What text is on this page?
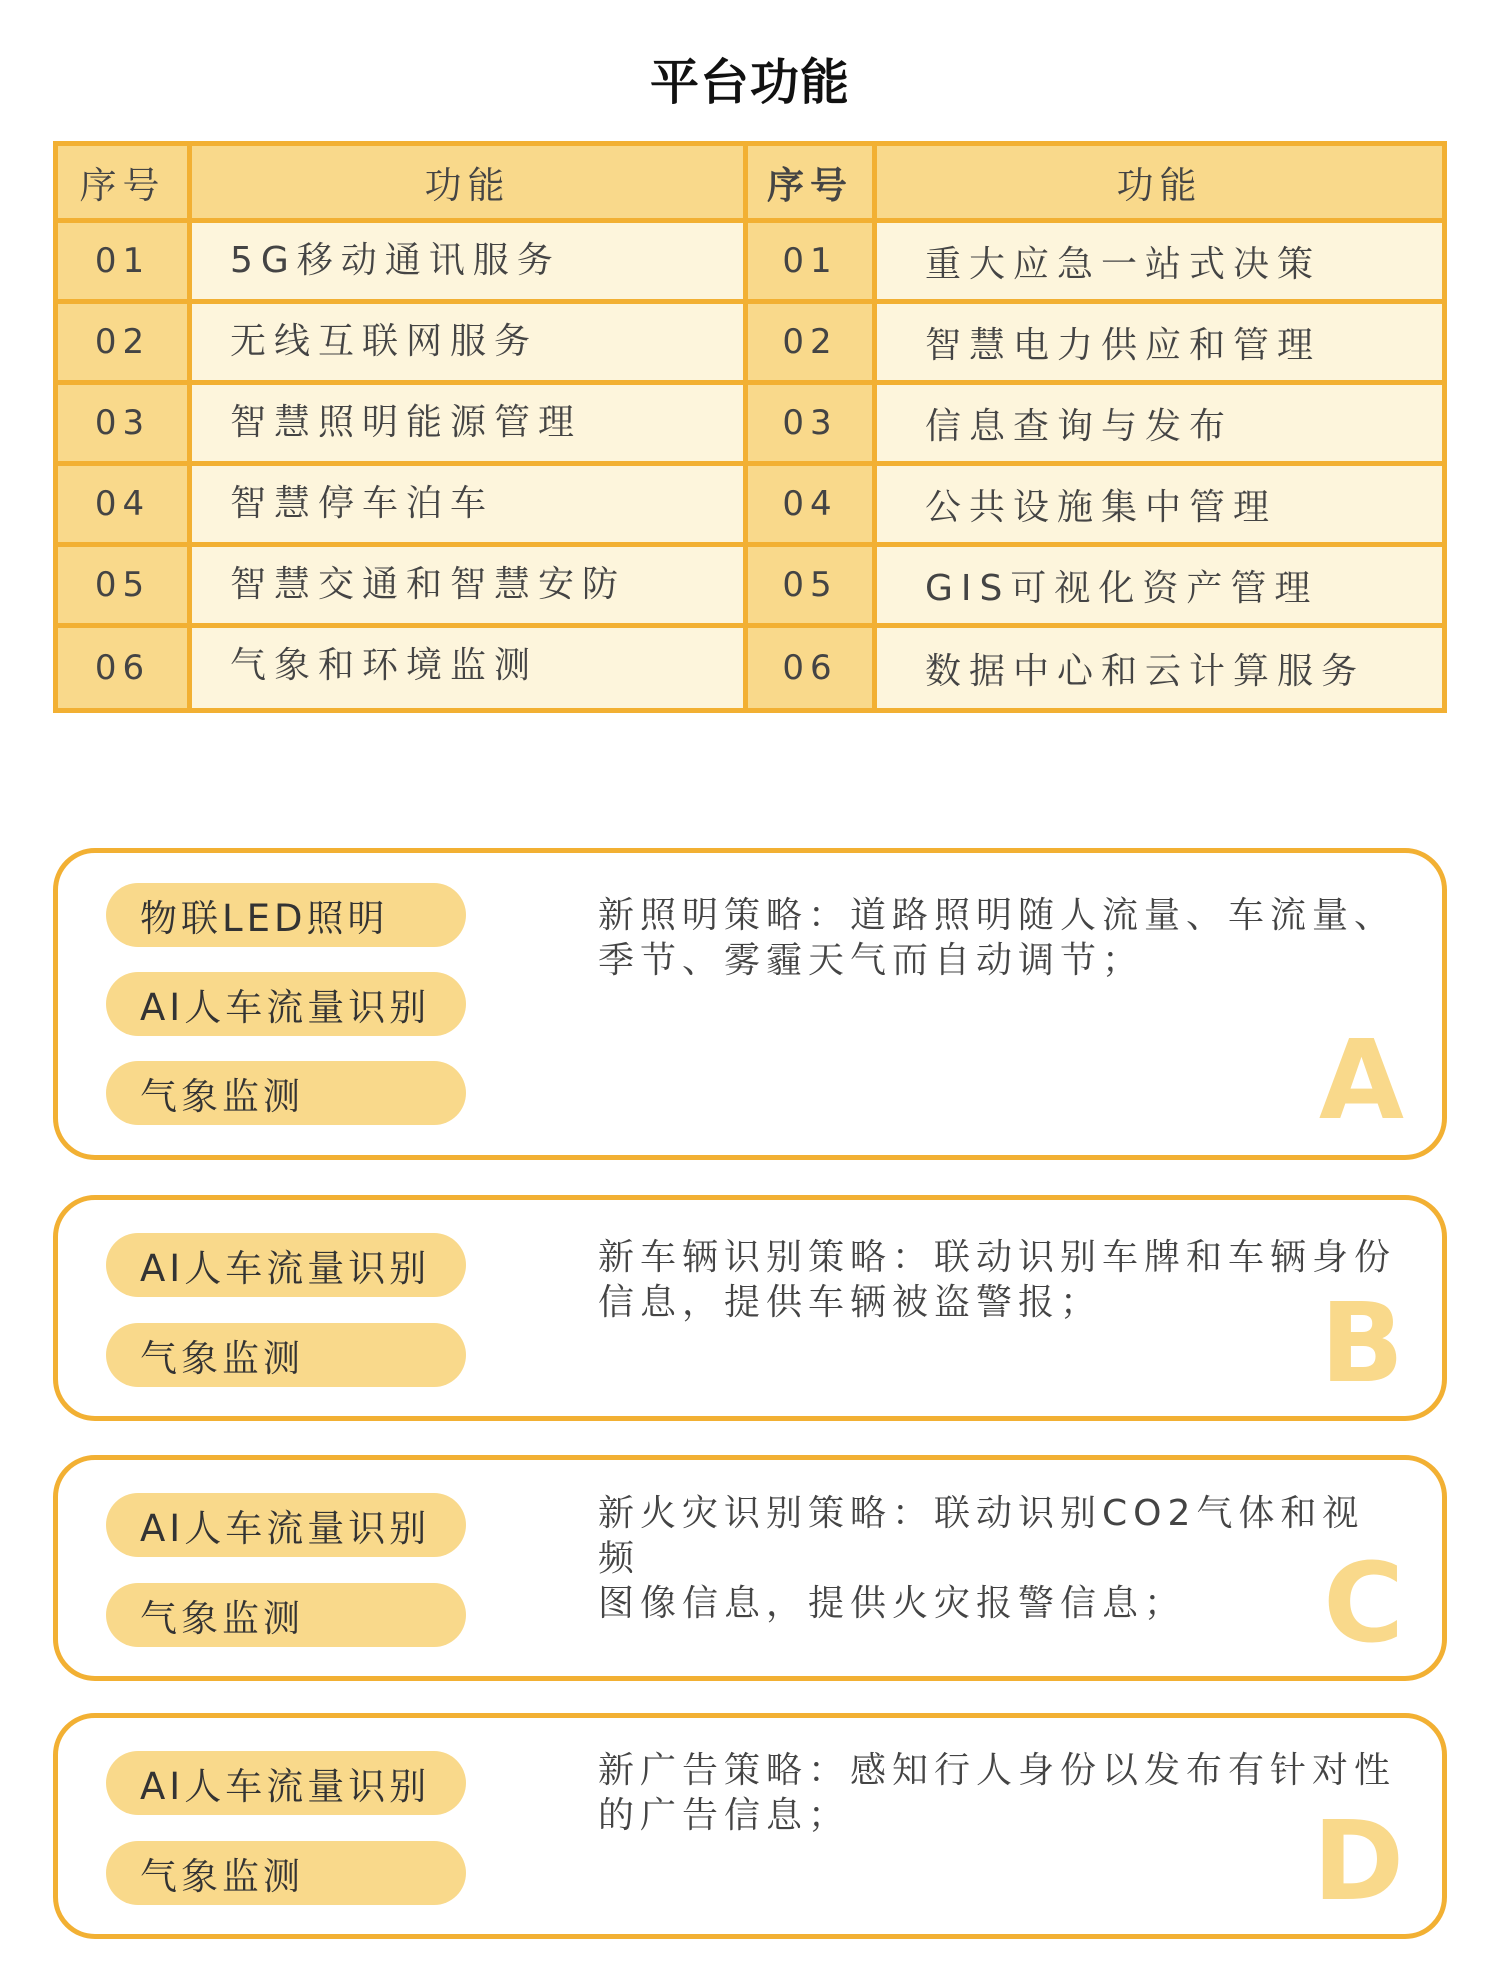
平台功能
序号	功能	序号	功能
01	5G移动通讯服务	01	重大应急一站式决策
02	无线互联网服务	02	智慧电力供应和管理
03	智慧照明能源管理	03	信息查询与发布
04	智慧停车泊车	04	公共设施集中管理
05	智慧交通和智慧安防	05	GIS可视化资产管理
06	气象和环境监测	06	数据中心和云计算服务
物联LED照明
AI人车流量识别
气象监测
新照明策略：道路照明随人流量、车流量、
季节、雾霾天气而自动调节；
A
AI人车流量识别
气象监测
新车辆识别策略：联动识别车牌和车辆身份
信息，提供车辆被盗警报；	B
AI人车流量识别
气象监测
新火灾识别策略：联动识别CO2气体和视频
图像信息，提供火灾报警信息；	C
AI人车流量识别
气象监测
新广告策略：感知行人身份以发布有针对性
的广告信息；	D
